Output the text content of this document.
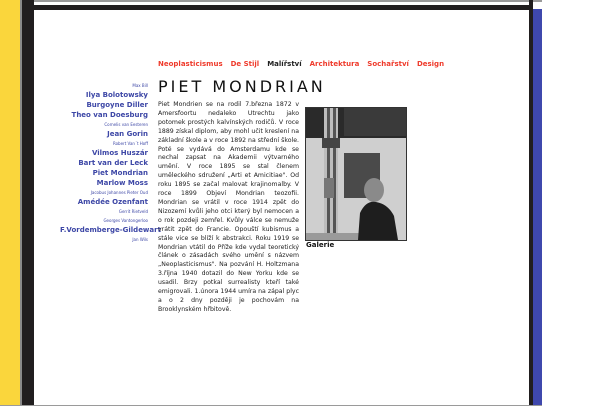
Neoplasticismus De Stijl Malířství Architektura Sochařství Design
PIET MONDRIAN
Max Bill
Ilya Bolotowsky
Burgoyne Diller
Theo van Doesburg
Cornelis van Eesteren
Jean Gorin
Robert Van´t Hoff
Vilmos Huszár
Bart van der Leck
Piet Mondrian
Marlow Moss
Jacobus Johannes Pieter Oud
Amédée Ozenfant
Gerrit Rietveld
Georges Vantongerloo
F.Vordemberge-Gildewart
Jan Wils
Piet Mondrien se na rodil 7.března 1872 v Amersfoortu nedaleko Utrechtu jako potomek prostých kalvínských rodičů. V roce 1889 získal diplom, aby mohl učit kreslení na základní škole a v roce 1892 na střední škole. Poté se vydává do Amsterdamu kde se nechal zapsat na Akademii výtvarného umění. V roce 1895 se stal členem uměleckého sdružení „Arti et Amicitiae". Od roku 1895 se začal malovat krajinomalby. V roce 1899 Objeví Mondrian teozofii. Mondrian se vrátil v roce 1914 zpět do Nizozemí kvůli jeho otci který byl nemocen a o rok pozdeji zemřel. Kvůly válce se nemuže vrátit zpět do Francie. Opouští kubismus a stále vice se blíží k abstrakci. Roku 1919 se Mondrian vtátil do Příže kde vydal teoretický článek o zásadách svého umění s názvem „Neoplasticismus". Na pozvání H. Holtzmana 3.října 1940 dotazil do New Yorku kde se usadil. Brzy potkal surrealisty kteří také emigrovali. 1.února 1944 umíra na zápal plyc a o 2 dny později je pochovám na Brooklynském hřbitově.
Galerie
